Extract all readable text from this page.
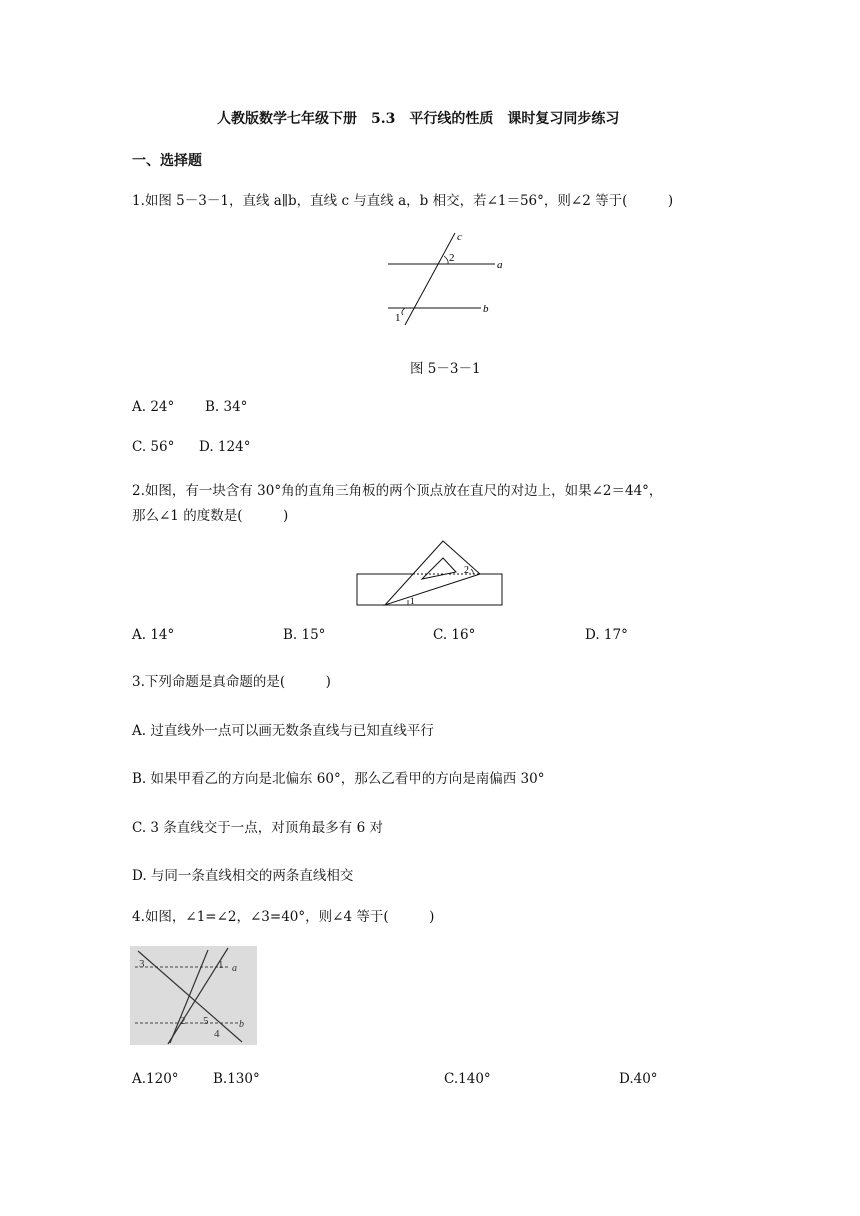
人教版数学七年级下册　5.3　平行线的性质　课时复习同步练习
一、选择题
1.如图 5－3－1，直线 a∥b，直线 c 与直线 a，b 相交，若∠1＝56°，则∠2 等于(　　　)
c
a
b
2
1
图 5－3－1
A. 24° B. 34°
C. 56° D. 124°
2.如图，有一块含有 30°角的直角三角板的两个顶点放在直尺的对边上，如果∠2＝44°，
那么∠1 的度数是(　　　)
1
2
A. 14°	B. 15°	C. 16°	D. 17°
3.下列命题是真命题的是(　　　)
A. 过直线外一点可以画无数条直线与已知直线平行
B. 如果甲看乙的方向是北偏东 60°，那么乙看甲的方向是南偏西 30°
C. 3 条直线交于一点，对顶角最多有 6 对
D. 与同一条直线相交的两条直线相交
4.如图，∠1=∠2，∠3=40°，则∠4 等于(　　　)
3	1 a
2 5	b
4
A.120°	B.130°	C.140°	D.40°
